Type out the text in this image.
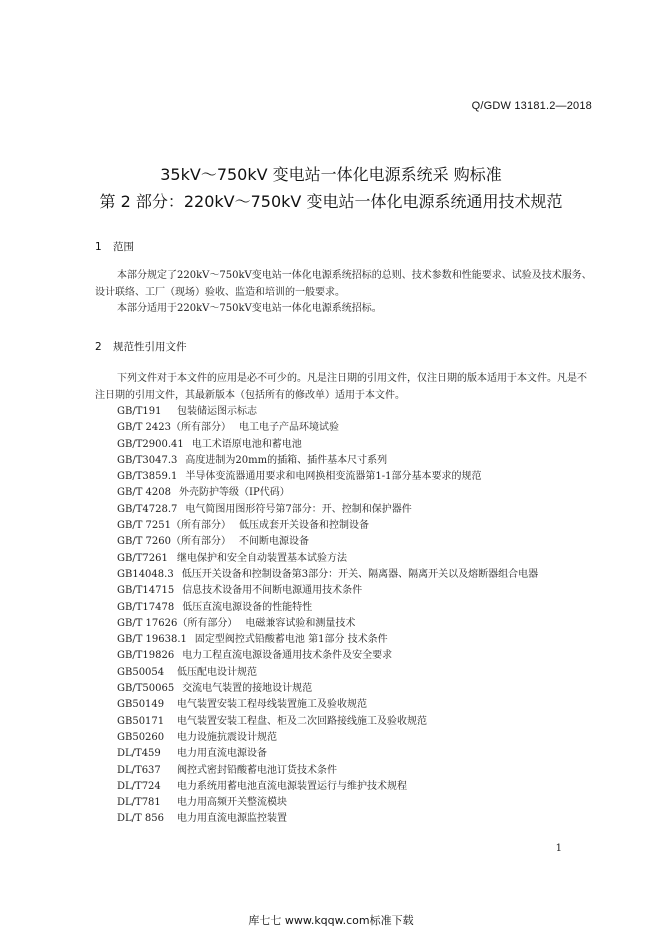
Q/GDW 13181.2—2018
35kV～750kV 变电站一体化电源系统采 购标准
第 2 部分：220kV～750kV 变电站一体化电源系统通用技术规范
1 范围

本部分规定了220kV～750kV变电站一体化电源系统招标的总则、技术参数和性能要求、试验及技术服务、设计联络、工厂（现场）验收、监造和培训的一般要求。

本部分适用于220kV～750kV变电站一体化电源系统招标。

2 规范性引用文件

下列文件对于本文件的应用是必不可少的。凡是注日期的引用文件，仅注日期的版本适用于本文件。凡是不注日期的引用文件，其最新版本（包括所有的修改单）适用于本文件。

GB/T191 包装储运图示标志
GB/T 2423（所有部分） 电工电子产品环境试验
GB/T2900.41 电工术语原电池和蓄电池
GB/T3047.3 高度进制为20mm的插箱、插件基本尺寸系列
GB/T3859.1 半导体变流器通用要求和电网换相变流器第1-1部分基本要求的规范
GB/T 4208 外壳防护等级（IP代码）
GB/T4728.7 电气简图用图形符号第7部分：开、控制和保护器件
GB/T 7251（所有部分） 低压成套开关设备和控制设备
GB/T 7260（所有部分） 不间断电源设备
GB/T7261 继电保护和安全自动装置基本试验方法
GB14048.3 低压开关设备和控制设备第3部分：开关、隔离器、隔离开关以及熔断器组合电器
GB/T14715 信息技术设备用不间断电源通用技术条件
GB/T17478 低压直流电源设备的性能特性
GB/T 17626（所有部分） 电磁兼容试验和测量技术
GB/T 19638.1 固定型阀控式铅酸蓄电池 第1部分 技术条件
GB/T19826 电力工程直流电源设备通用技术条件及安全要求
GB50054 低压配电设计规范
GB/T50065 交流电气装置的接地设计规范
GB50149 电气装置安装工程母线装置施工及验收规范
GB50171 电气装置安装工程盘、柜及二次回路接线施工及验收规范
GB50260 电力设施抗震设计规范
DL/T459 电力用直流电源设备
DL/T637 阀控式密封铅酸蓄电池订货技术条件
DL/T724 电力系统用蓄电池直流电源装置运行与维护技术规程
DL/T781 电力用高频开关整流模块
DL/T 856 电力用直流电源监控装置
1
库七七 www.kqqw.com标准下载
